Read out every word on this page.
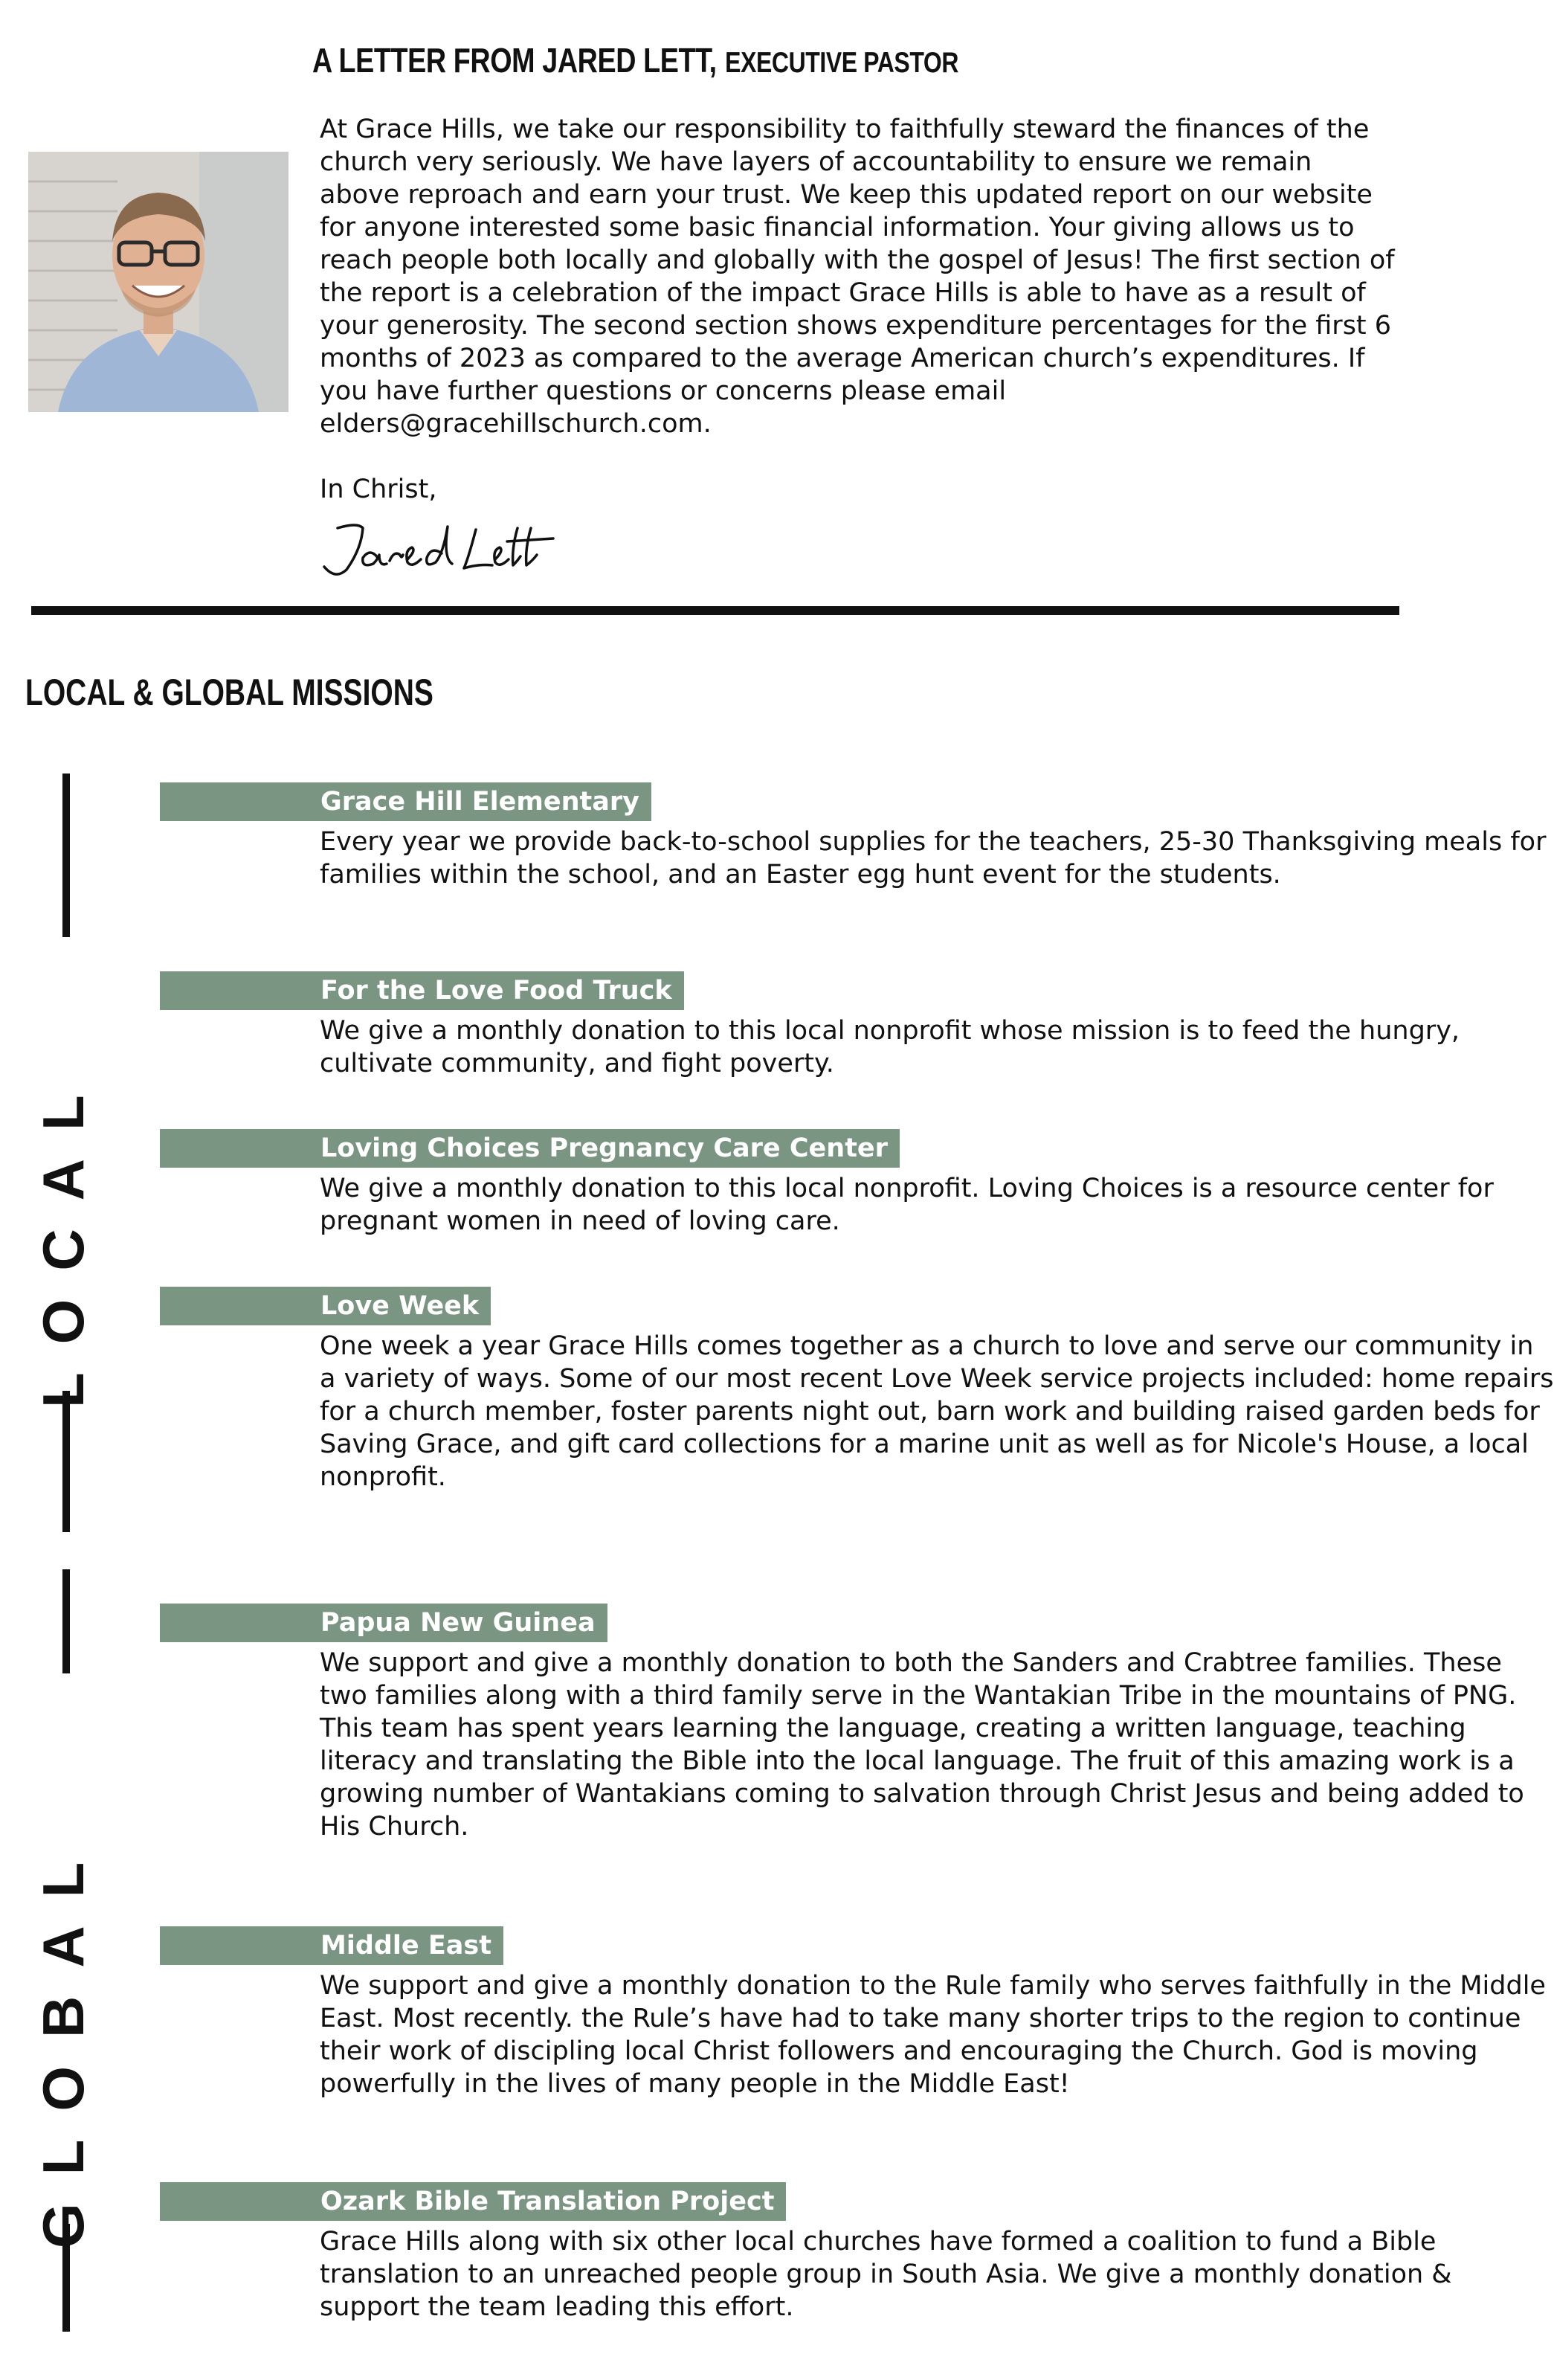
A LETTER FROM JARED LETT, EXECUTIVE PASTOR

At Grace Hills, we take our responsibility to faithfully steward the finances of the church very seriously. We have layers of accountability to ensure we remain above reproach and earn your trust. We keep this updated report on our website for anyone interested some basic financial information. Your giving allows us to reach people both locally and globally with the gospel of Jesus! The first section of the report is a celebration of the impact Grace Hills is able to have as a result of your generosity. The second section shows expenditure percentages for the first 6 months of 2023 as compared to the average American church’s expenditures. If you have further questions or concerns please email elders@gracehillschurch.com.

In Christ,

LOCAL & GLOBAL MISSIONS
LOCAL
GLOBAL
Grace Hill Elementary

Every year we provide back-to-school supplies for the teachers, 25-30 Thanksgiving meals for families within the school, and an Easter egg hunt event for the students.

For the Love Food Truck

We give a monthly donation to this local nonprofit whose mission is to feed the hungry, cultivate community, and fight poverty.

Loving Choices Pregnancy Care Center

We give a monthly donation to this local nonprofit. Loving Choices is a resource center for pregnant women in need of loving care.

Love Week

One week a year Grace Hills comes together as a church to love and serve our community in a variety of ways. Some of our most recent Love Week service projects included: home repairs for a church member, foster parents night out, barn work and building raised garden beds for Saving Grace, and gift card collections for a marine unit as well as for Nicole's House, a local nonprofit.

Papua New Guinea

We support and give a monthly donation to both the Sanders and Crabtree families. These two families along with a third family serve in the Wantakian Tribe in the mountains of PNG. This team has spent years learning the language, creating a written language, teaching literacy and translating the Bible into the local language. The fruit of this amazing work is a growing number of Wantakians coming to salvation through Christ Jesus and being added to His Church.

Middle East

We support and give a monthly donation to the Rule family who serves faithfully in the Middle East. Most recently. the Rule’s have had to take many shorter trips to the region to continue their work of discipling local Christ followers and encouraging the Church. God is moving powerfully in the lives of many people in the Middle East!

Ozark Bible Translation Project

Grace Hills along with six other local churches have formed a coalition to fund a Bible translation to an unreached people group in South Asia. We give a monthly donation & support the team leading this effort.
